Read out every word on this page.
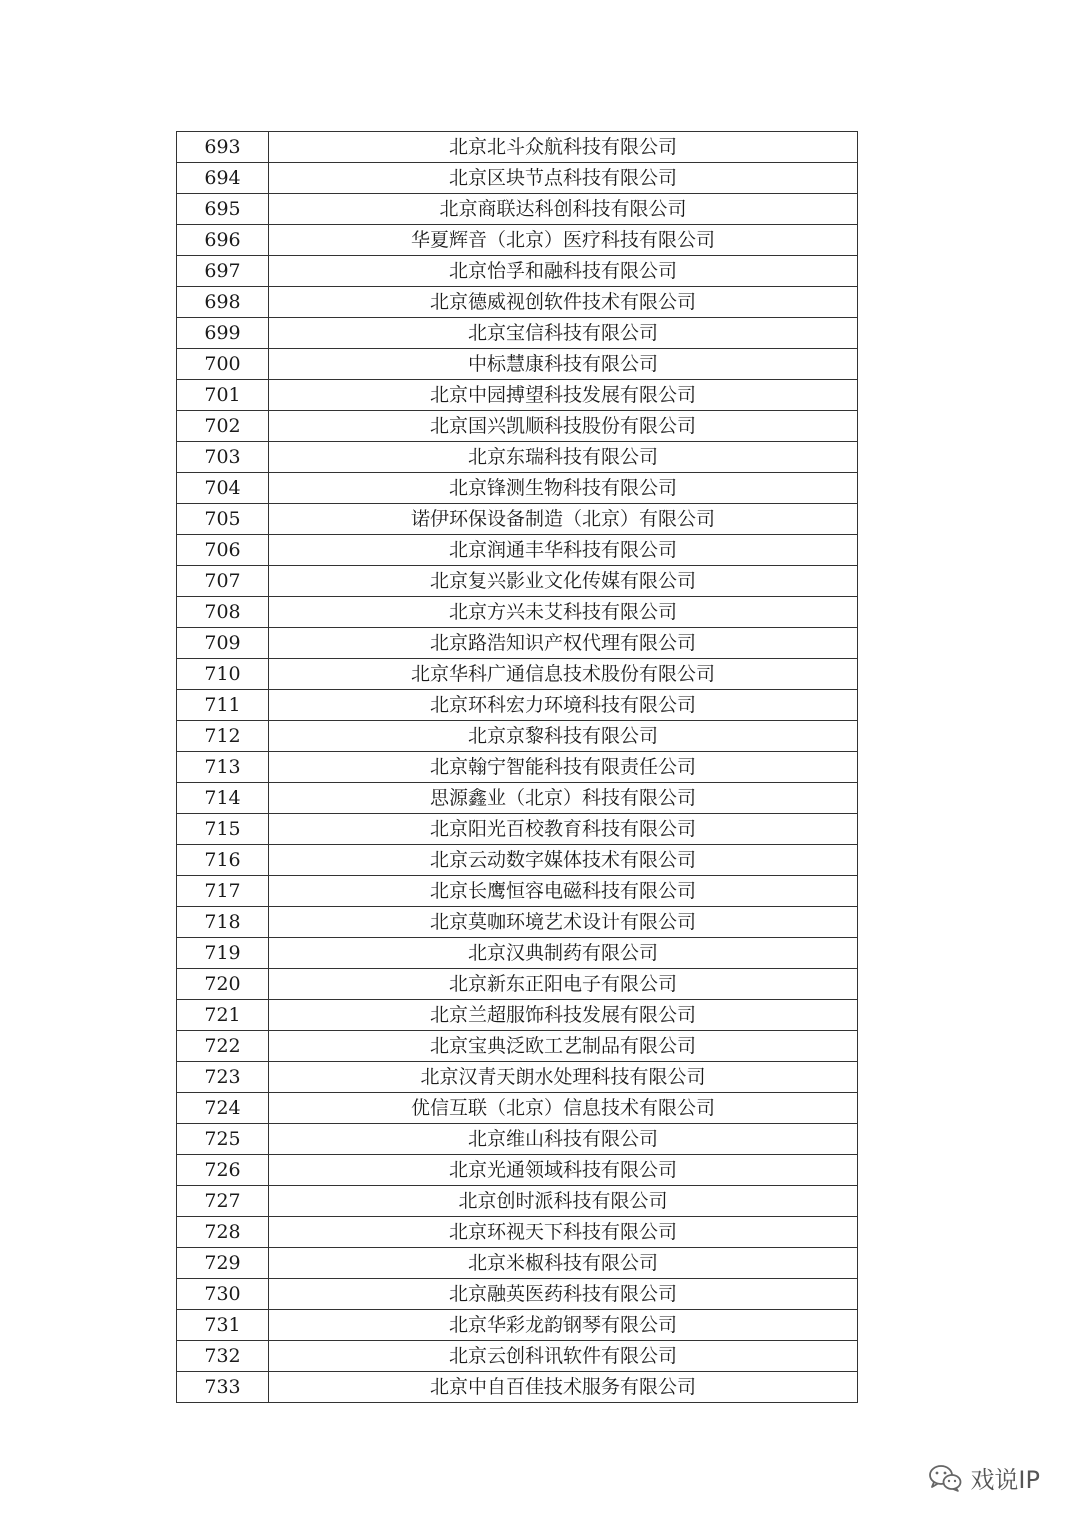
693	北京北斗众航科技有限公司
694	北京区块节点科技有限公司
695	北京商联达科创科技有限公司
696	华夏辉音（北京）医疗科技有限公司
697	北京怡孚和融科技有限公司
698	北京德威视创软件技术有限公司
699	北京宝信科技有限公司
700	中标慧康科技有限公司
701	北京中园搏望科技发展有限公司
702	北京国兴凯顺科技股份有限公司
703	北京东瑞科技有限公司
704	北京锋测生物科技有限公司
705	诺伊环保设备制造（北京）有限公司
706	北京润通丰华科技有限公司
707	北京复兴影业文化传媒有限公司
708	北京方兴未艾科技有限公司
709	北京路浩知识产权代理有限公司
710	北京华科广通信息技术股份有限公司
711	北京环科宏力环境科技有限公司
712	北京京黎科技有限公司
713	北京翰宁智能科技有限责任公司
714	思源鑫业（北京）科技有限公司
715	北京阳光百校教育科技有限公司
716	北京云动数字媒体技术有限公司
717	北京长鹰恒容电磁科技有限公司
718	北京莫咖环境艺术设计有限公司
719	北京汉典制药有限公司
720	北京新东正阳电子有限公司
721	北京兰超服饰科技发展有限公司
722	北京宝典泛欧工艺制品有限公司
723	北京汉青天朗水处理科技有限公司
724	优信互联（北京）信息技术有限公司
725	北京维山科技有限公司
726	北京光通领域科技有限公司
727	北京创时派科技有限公司
728	北京环视天下科技有限公司
729	北京米椒科技有限公司
730	北京融英医药科技有限公司
731	北京华彩龙韵钢琴有限公司
732	北京云创科讯软件有限公司
733	北京中自百佳技术服务有限公司
戏说IP
